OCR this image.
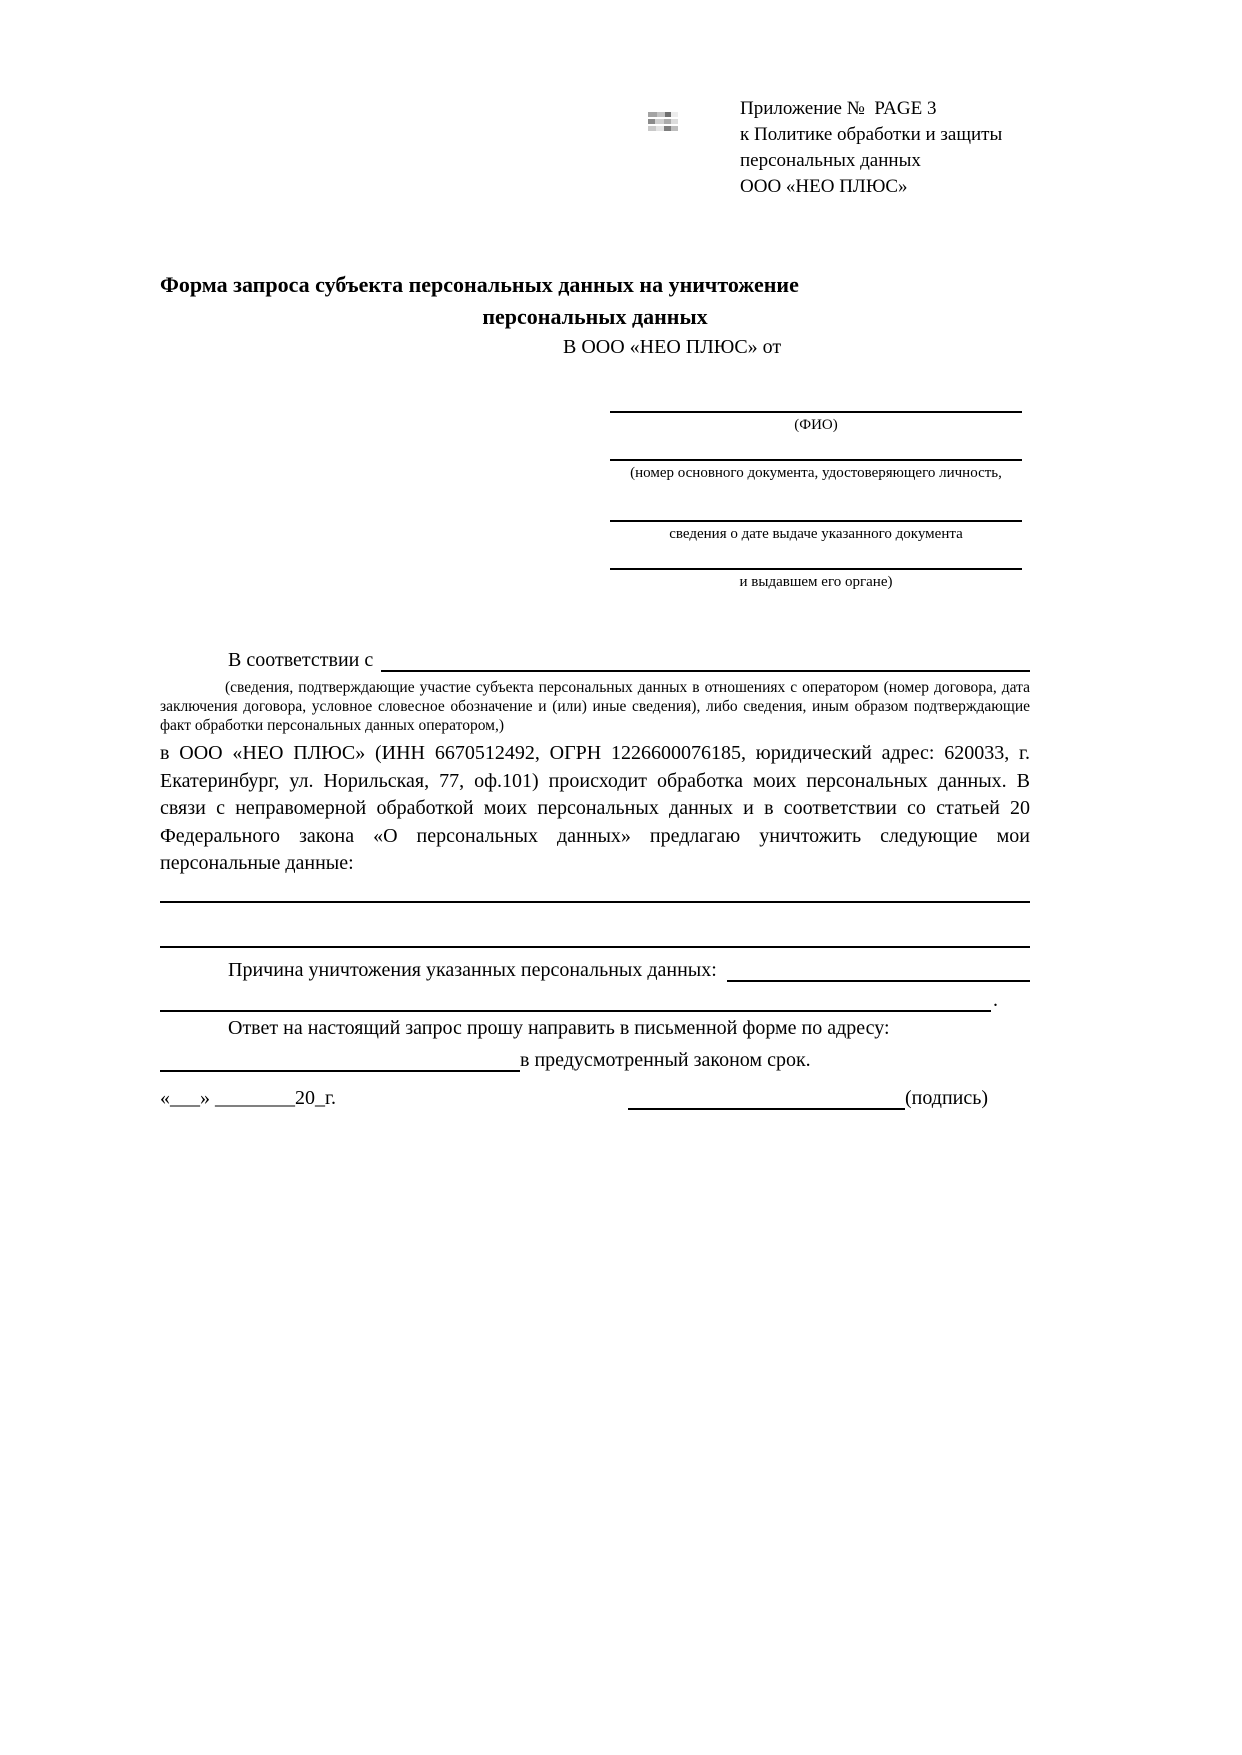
Приложение №  PAGE 3
к Политике обработки и защиты
персональных данных
ООО «НЕО ПЛЮС»
Форма запроса субъекта персональных данных на уничтожение
персональных данных
В ООО «НЕО ПЛЮС» от
(ФИО)
(номер основного документа, удостоверяющего личность,
сведения о дате выдаче указанного документа
и выдавшем его органе)
В соответствии с
(сведения, подтверждающие участие субъекта персональных данных в отношениях с оператором (номер договора, дата заключения договора, условное словесное обозначение и (или) иные сведения), либо сведения, иным образом подтверждающие факт обработки персональных данных оператором,)
в ООО «НЕО ПЛЮС» (ИНН 6670512492, ОГРН 1226600076185, юридический адрес: 620033, г. Екатеринбург, ул. Норильская, 77, оф.101) происходит обработка моих персональных данных. В связи с неправомерной обработкой моих персональных данных и в соответствии со статьей 20 Федерального закона «О персональных данных» предлагаю уничтожить следующие мои персональные данные:
Причина уничтожения указанных персональных данных:
.
Ответ на настоящий запрос прошу направить в письменной форме по адресу:
в предусмотренный законом срок.
«___» ________20_г.	(подпись)
